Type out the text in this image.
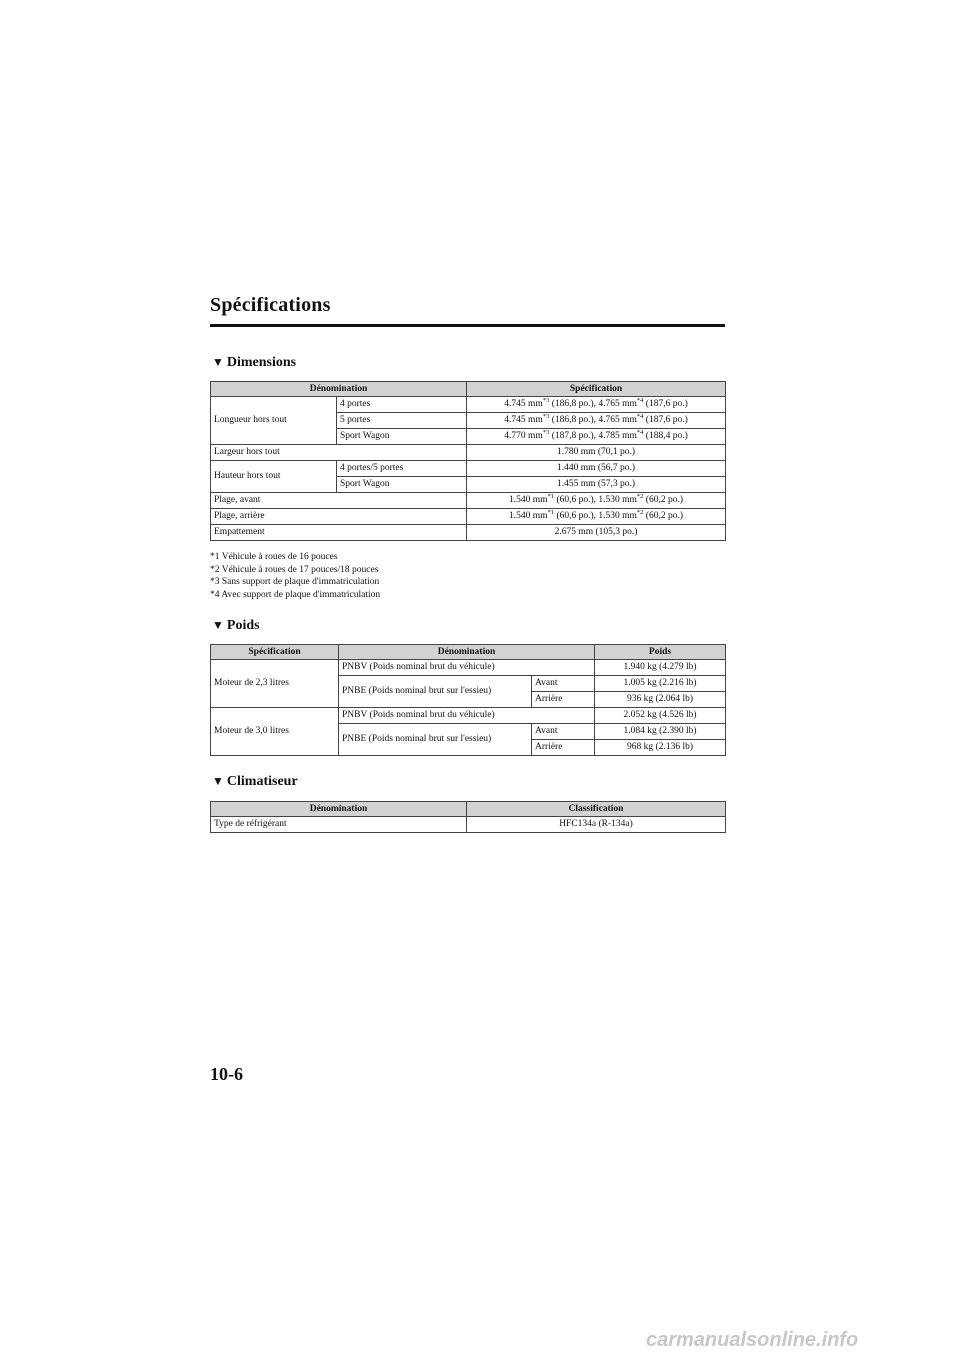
Spécifications
▼ Dimensions
Dénomination		Spécification
Longueur hors tout	4 portes	4.745 $mm^{*3}$ (186,8 po.), 4.765 $mm^{*4}$ (187,6 po.)
	5 portes	4.745 $mm^{*3}$ (186,8 po.), 4.765 $mm^{*4}$ (187,6 po.)
	Sport Wagon	4.770 $mm^{*3}$ (187,8 po.), 4.785 $mm^{*4}$ (188,4 po.)
Largeur hors tout		1.780 mm (70,1 po.)
Hauteur hors tout	4 portes/5 portes	1.440 mm (56,7 po.)
	Sport Wagon	1.455 mm (57,3 po.)
Plage, avant		1.540 $mm^{*1}$ (60,6 po.), 1.530 $mm^{*2}$ (60,2 po.)
Plage, arrière		1.540 $mm^{*1}$ (60,6 po.), 1.530 $mm^{*2}$ (60,2 po.)
Empattement		2.675 mm (105,3 po.)
*1 Véhicule à roues de 16 pouces
*2 Véhicule à roues de 17 pouces/18 pouces
*3 Sans support de plaque d'immatriculation
*4 Avec support de plaque d'immatriculation
▼ Poids
Spécification	Dénomination		Poids
Moteur de 2,3 litres	PNBV (Poids nominal brut du véhicule)		1.940 kg (4.279 lb)
	PNBE (Poids nominal brut sur l'essieu)	Avant	1.005 kg (2.216 lb)
		Arrière	936 kg (2.064 lb)
Moteur de 3,0 litres	PNBV (Poids nominal brut du véhicule)		2.052 kg (4.526 lb)
	PNBE (Poids nominal brut sur l'essieu)	Avant	1.084 kg (2.390 lb)
		Arrière	968 kg (2.136 lb)
▼ Climatiseur
Dénomination	Classification
Type de réfrigérant	HFC134a (R-134a)
10-6
carmanualsonline.info
